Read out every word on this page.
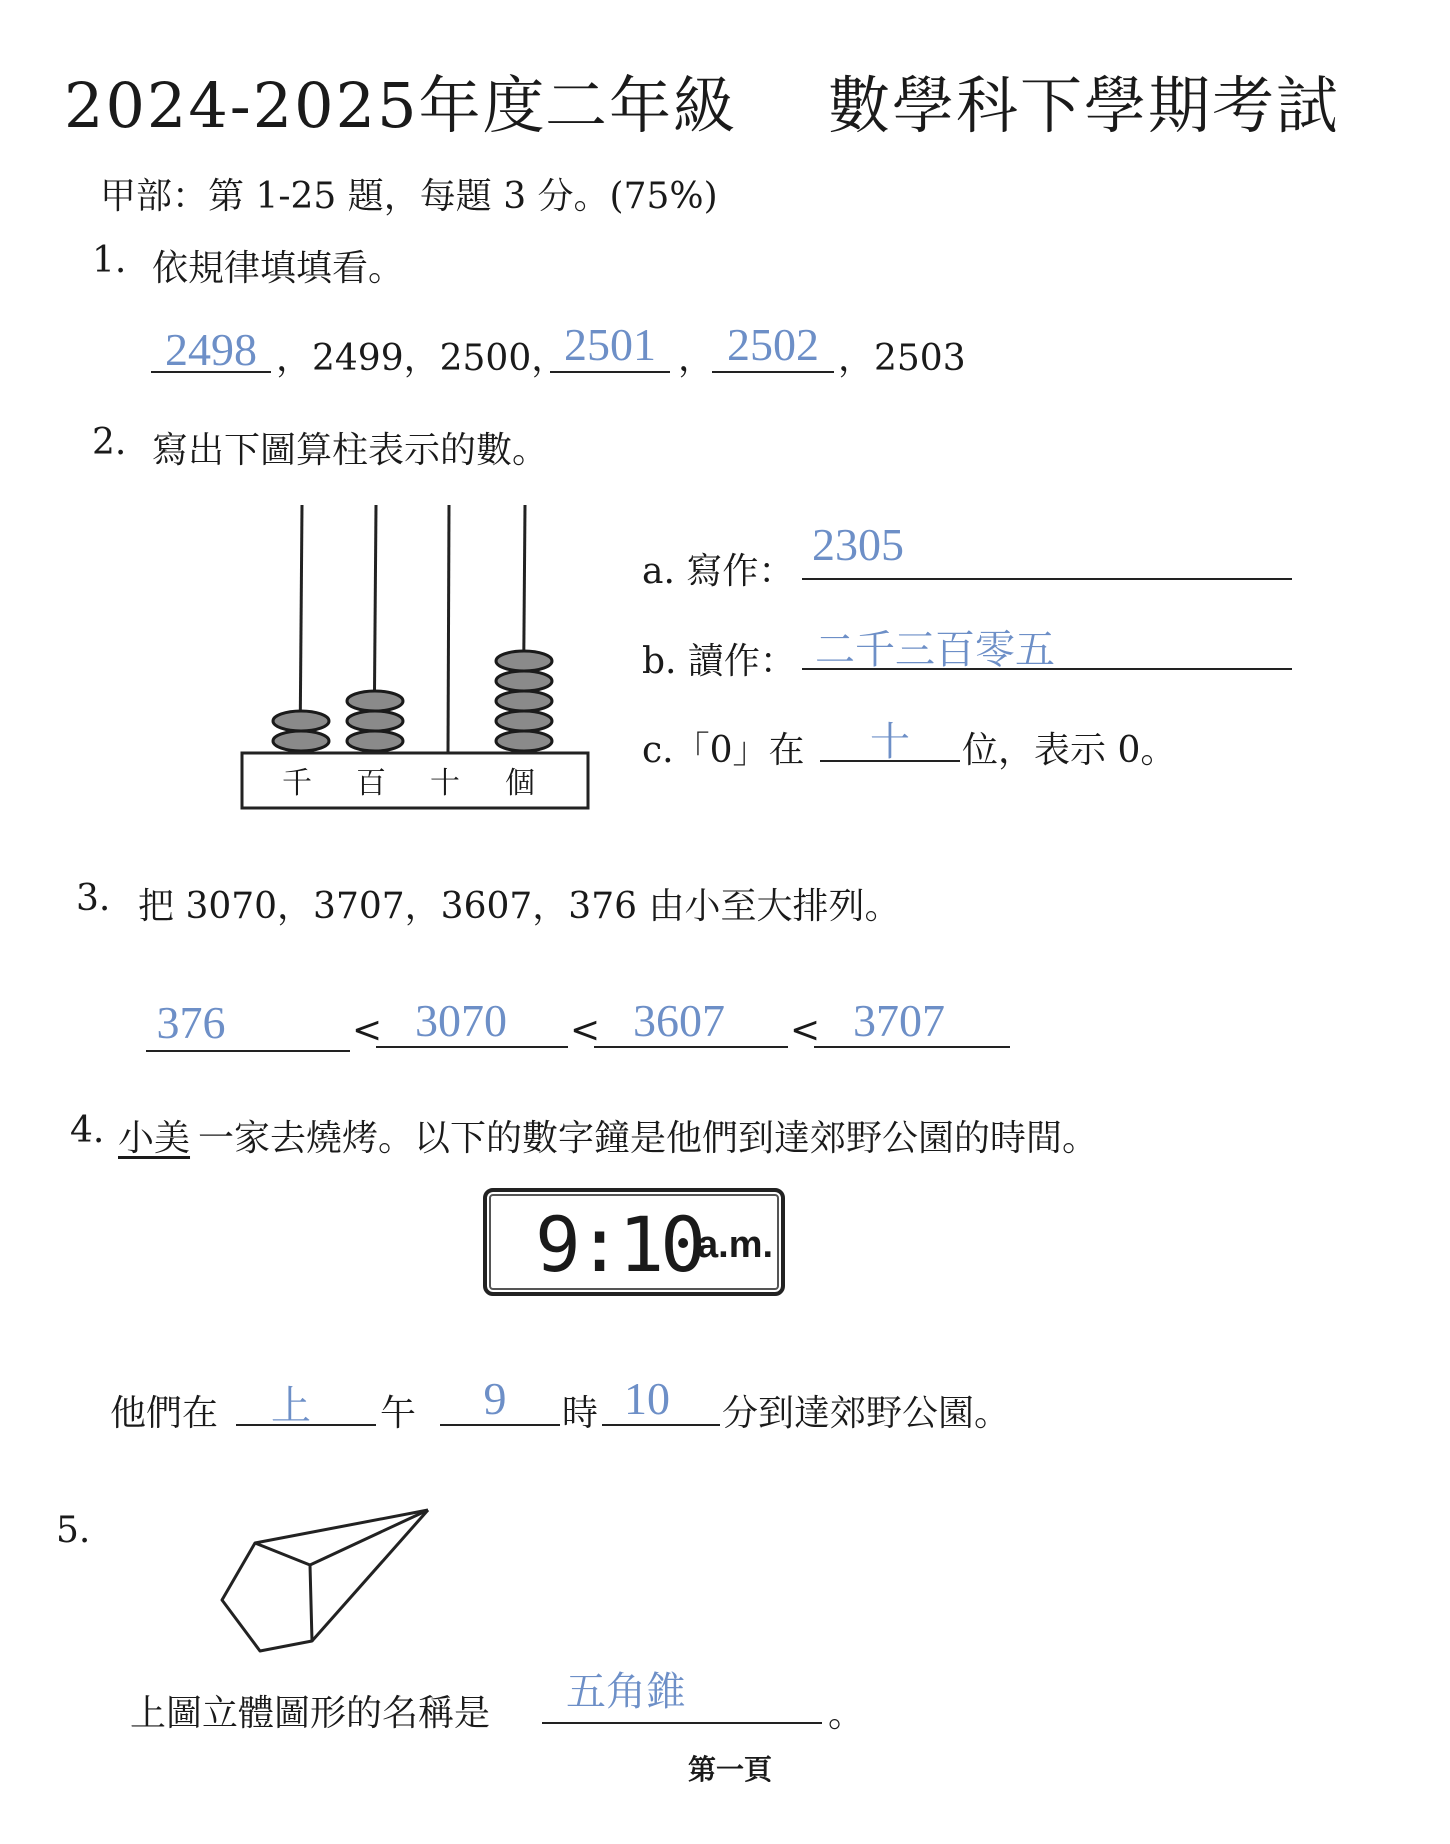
2024-2025年度
二年級 數學科下學期考試
甲部：第 1-25 題，每題 3 分。(75%)
1. 依規律填填看。
2498 ，2499，2500，
2501 ， 2502 ，2503
2. 寫出下圖算柱表示的數。
千 百 十 個
a. 寫作：
2305
b. 讀作： 二千三百零五
c.「0」在	十	位，表示 0。
3. 把 3070，3707，3607，376 由小至大排列。
376	< 3070	< 3607	< 3707
4. 小美 一家去燒烤。以下的數字鐘是他們到達郊野公園的時間。
9:10
a.m.
他們在	上	午	9	時 10	分到達郊野公園。
5.
上圖立體圖形的名稱是 五角錐	。
第一頁
